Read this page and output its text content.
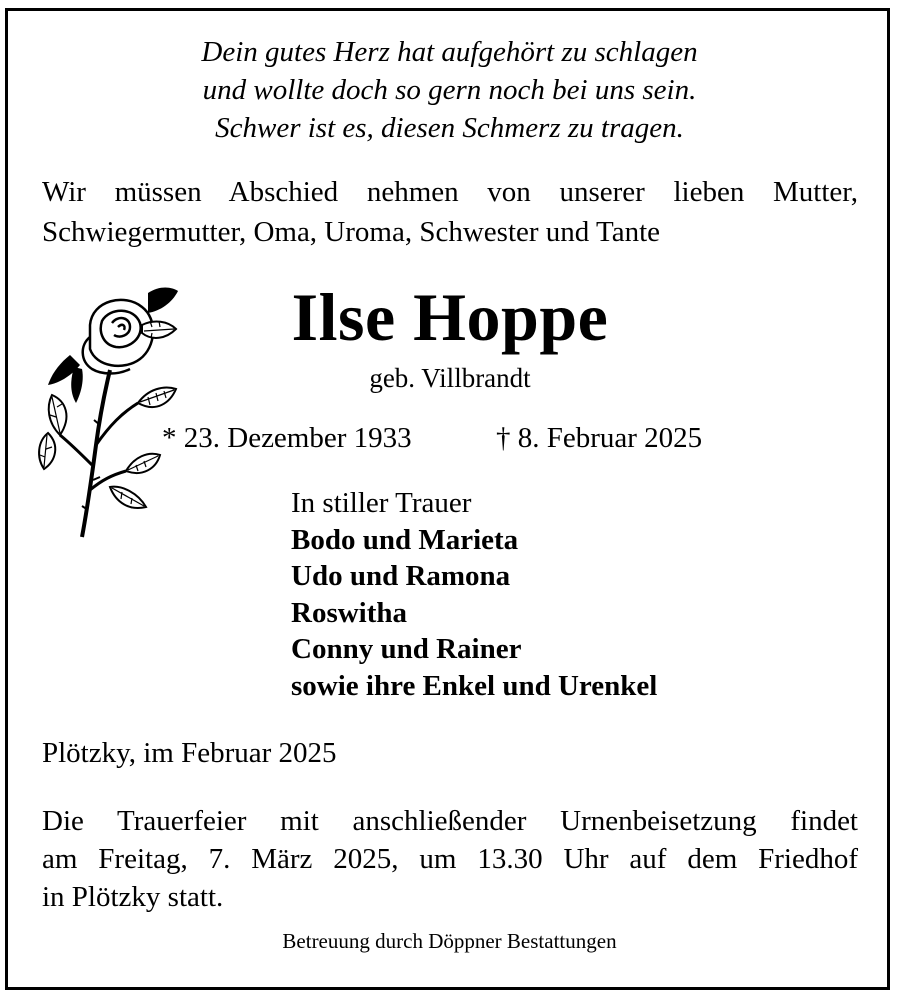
Dein gutes Herz hat aufgehört zu schlagen
und wollte doch so gern noch bei uns sein.
Schwer ist es, diesen Schmerz zu tragen.
Wir müssen Abschied nehmen von unserer lieben Mutter,
Schwiegermutter, Oma, Uroma, Schwester und Tante
Ilse Hoppe
geb. Villbrandt
* 23. Dezember 1933	† 8. Februar 2025
In stiller Trauer
Bodo und Marieta
Udo und Ramona
Roswitha
Conny und Rainer
sowie ihre Enkel und Urenkel
Plötzky, im Februar 2025
Die Trauerfeier mit anschließender Urnenbeisetzung findet
am Freitag, 7. März 2025, um 13.30 Uhr auf dem Friedhof
in Plötzky statt.
Betreuung durch Döppner Bestattungen
